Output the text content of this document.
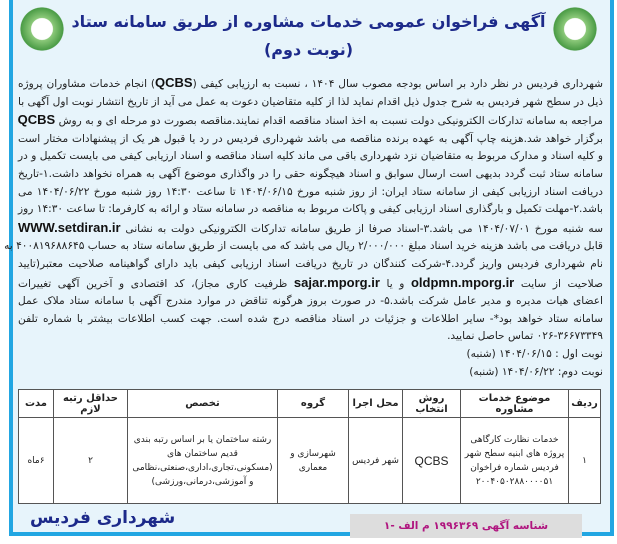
آگهی فراخوان عمومی خدمات مشاوره از طریق سامانه ستاد
(نوبت دوم)
شهرداری فردیس در نظر دارد بر اساس بودجه مصوب سال ۱۴۰۴ ، نسبت به ارزیابی کیفی (QCBS) انجام خدمات مشاوران پروژه
ذیل در سطح شهر فردیس به شرح جدول ذیل اقدام نماید لذا از کلیه متقاضیان دعوت به عمل می آید از تاریخ انتشار نوبت اول آگهی با
مراجعه به سامانه تدارکات الکترونیکی دولت نسبت به اخذ اسناد مناقصه اقدام نمایند.مناقصه بصورت دو مرحله ای و به روش QCBS
برگزار خواهد شد.هزینه چاپ آگهی به عهده برنده مناقصه می باشد شهرداری فردیس در رد یا قبول هر یک از پیشنهادات مختار است
و کلیه اسناد و مدارک مربوط به متقاضیان نزد شهرداری باقی می ماند کلیه اسناد مناقصه و اسناد ارزیابی کیفی می بایست تکمیل و در
سامانه ستاد ثبت گردد بدیهی است ارسال سوابق و اسناد هیچگونه حقی را در واگذاری موضوع آگهی به همراه نخواهد داشت.۱-تاریخ
دریافت اسناد ارزیابی کیفی از سامانه ستاد ایران: از روز شنبه مورخ ۱۴۰۴/۰۶/۱۵ تا ساعت ۱۴:۳۰ روز شنبه مورخ ۱۴۰۴/۰۶/۲۲ می
باشد.۲-مهلت تکمیل و بارگذاری اسناد ارزیابی کیفی و پاکات مربوط به مناقصه در سامانه ستاد و ارائه به کارفرما: تا ساعت ۱۴:۳۰ روز
سه شنبه مورخ ۱۴۰۴/۰۷/۰۱ می باشد.۳-اسناد صرفا از طریق سامانه تدارکات الکترونیکی دولت به نشانی WWW.setdiran.ir
قابل دریافت می باشد هزینه خرید اسناد مبلغ ۲/۰۰۰/۰۰۰ ریال می باشد که می بایست از طریق سامانه ستاد به حساب ۴۰۰۸۱۹۶۸۸۶۴۵ به
نام شهرداری فردیس واریز گردد.۴-شرکت کنندگان در تاریخ دریافت اسناد ارزیابی کیفی باید دارای گواهینامه صلاحیت معتبر(تایید
صلاحیت از سایت oldpmn.mporg.ir و یا sajar.mporg.ir ظرفیت کاری مجاز)، کد اقتصادی و آخرین آگهی تغییرات
اعضای هیات مدیره و مدیر عامل شرکت باشد.۵- در صورت بروز هرگونه تناقض در موارد مندرج آگهی با سامانه ستاد ملاک عمل
سامانه ستاد خواهد بود*- سایر اطلاعات و جزئیات در اسناد مناقصه درج شده است. جهت کسب اطلاعات بیشتر با شماره تلفن
۰۲۶-۳۶۶۷۳۳۴۹ تماس حاصل نمایید.
نوبت اول : ۱۴۰۴/۰۶/۱۵ (شنبه)
نوبت دوم: ۱۴۰۴/۰۶/۲۲ (شنبه)
ردیف	موضوع خدمات مشاوره	روش انتخاب	محل اجرا	گروه	تخصص	حداقل رتبه لازم	مدت
۱	خدمات نظارت کارگاهی پروژه های ابنیه سطح شهر فردیس شماره فراخوان ۲۰۰۴۰۵۰۲۸۸۰۰۰۰۵۱	QCBS	شهر فردیس	شهرسازی و معماری	رشته ساختمان یا بر اساس رتبه بندی قدیم ساختمان های (مسکونی،تجاری،اداری،صنعتی،نظامی و آموزشی،درمانی،ورزشی)	۲	۶ماه
شناسه آگهی ۱۹۹۶۳۶۹ م الف -۱
شهرداری فردیس
